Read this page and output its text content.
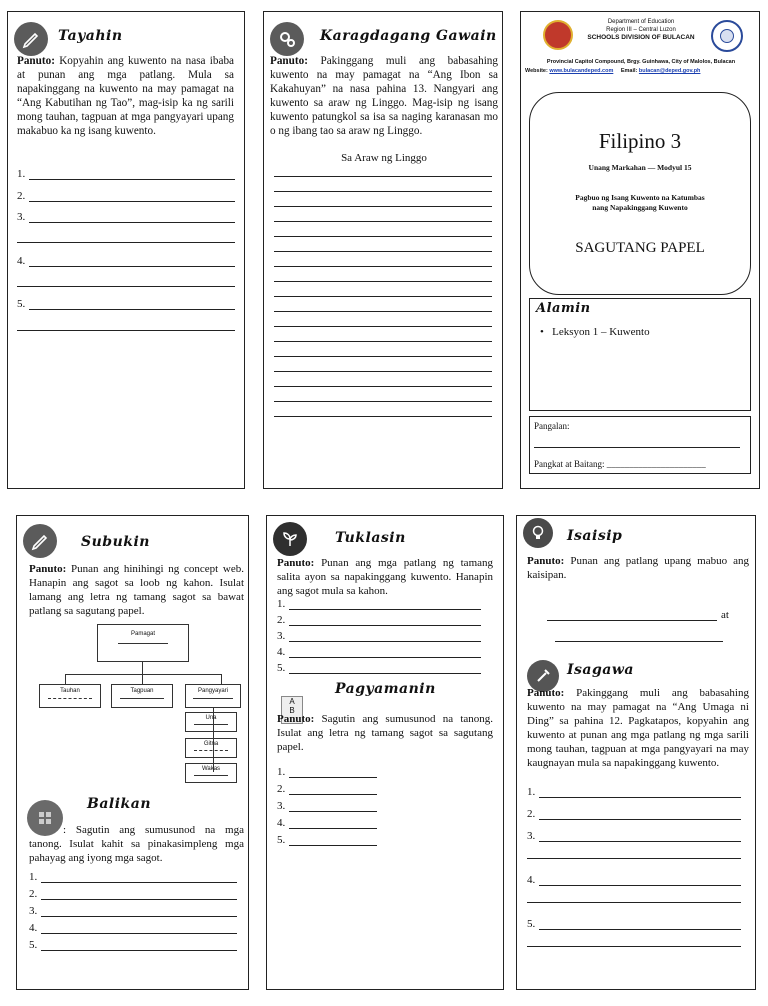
Tayahin
Panuto: Kopyahin ang kuwento na nasa ibaba at punan ang mga patlang. Mula sa napakinggang na kuwento na may pamagat na “Ang Kabutihan ng Tao”, mag-isip ka ng sarili mong tauhan, tagpuan at mga pangyayari upang makabuo ka ng isang kuwento.
1.
2.
3.
4.
5.
Karagdagang Gawain
Panuto: Pakinggang muli ang babasahing kuwento na may pamagat na “Ang Ibon sa Kakahuyan” na nasa pahina 13. Nangyari ang kuwento sa araw ng Linggo. Mag-isip ng isang kuwento patungkol sa isa sa naging karanasan mo o ng ibang tao sa araw ng Linggo.
Sa Araw ng Linggo
Department of Education
Region III – Central Luzon
SCHOOLS DIVISION OF BULACAN
Provincial Capitol Compound, Brgy. Guinhawa, City of Malolos, Bulacan
Website: www.bulacandeped.com Email: bulacan@deped.gov.ph
Filipino 3
Unang Markahan — Modyul 15
Pagbuo ng Isang Kuwento na Katumbas
nang Napakinggang Kuwento
SAGUTANG PAPEL
Alamin
•   Leksyon 1 – Kuwento
Pangalan:
Pangkat at Baitang: ______________________
Subukin
Panuto: Punan ang hinihingi ng concept web. Hanapin ang sagot sa loob ng kahon. Isulat lamang ang letra ng tamang sagot sa bawat patlang sa sagutang papel.
Pamagat
Tauhan	Tagpuan	Pangyayari
Una
Gitna
Wakas
Balikan
: Sagutin ang sumusunod na mga tanong. Isulat kahit sa pinakasimpleng mga pahayag ang iyong mga sagot.
1.
2.
3.
4.
5.
Tuklasin
Panuto: Punan ang mga patlang ng tamang salita ayon sa napakinggang kuwento. Hanapin ang sagot mula sa kahon.
1.
2.
3.
4.
5.
Pagyamanin
A
B
Panuto: Sagutin ang sumusunod na tanong. Isulat ang letra ng tamang sagot sa sagutang papel.
1.
2.
3.
4.
5.
Isaisip
Panuto: Punan ang patlang upang mabuo ang kaisipan.
at
Isagawa
Panuto: Pakinggang muli ang babasahing kuwento na may pamagat na “Ang Umaga ni Ding” sa pahina 12. Pagkatapos, kopyahin ang kuwento at punan ang mga patlang ng mga sarili mong tauhan, tagpuan at mga pangyayari na may kaugnayan mula sa napakinggang kuwento.
1.
2.
3.
4.
5.
